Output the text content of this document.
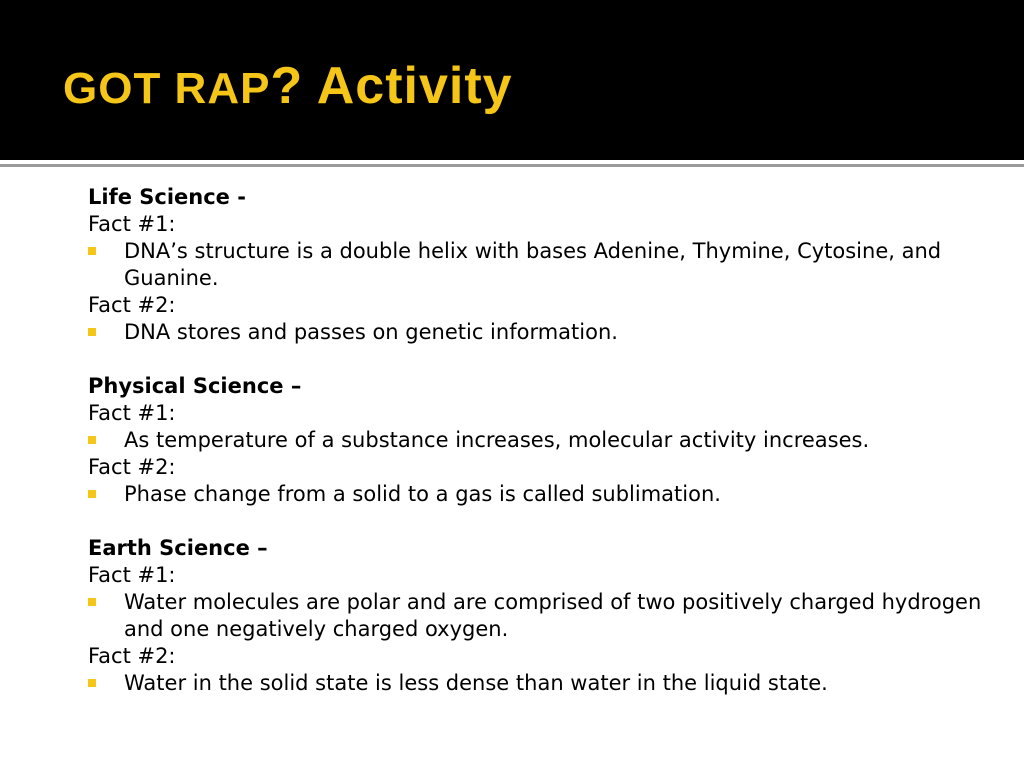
GOT RAP? Activity
Life Science -
Fact #1:
DNA’s structure is a double helix with bases Adenine, Thymine, Cytosine, and Guanine.
Fact #2:
DNA stores and passes on genetic information.
Physical Science –
Fact #1:
As temperature of a substance increases, molecular activity increases.
Fact #2:
Phase change from a solid to a gas is called sublimation.
Earth Science –
Fact #1:
Water molecules are polar and are comprised of two positively charged hydrogen and one negatively charged oxygen.
Fact #2:
Water in the solid state is less dense than water in the liquid state.
